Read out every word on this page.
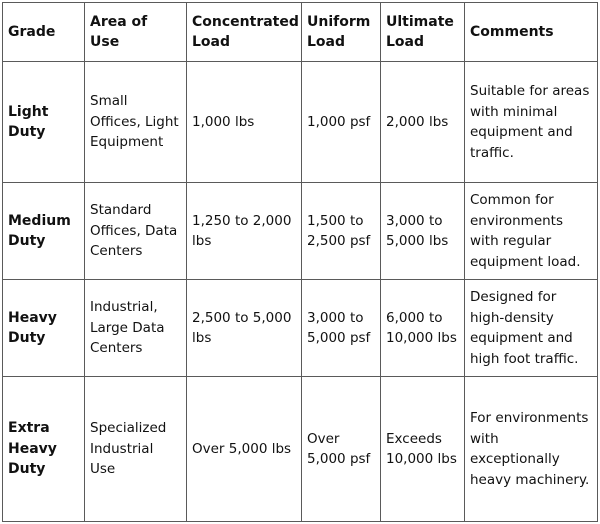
Grade	Area of Use	Concentrated Load	Uniform Load	Ultimate Load	Comments
Light Duty	Small Offices, Light Equipment	1,000 lbs	1,000 psf	2,000 lbs	Suitable for areas with minimal equipment and traffic.
Medium Duty	Standard Offices, Data Centers	1,250 to 2,000 lbs	1,500 to 2,500 psf	3,000 to 5,000 lbs	Common for environments with regular equipment load.
Heavy Duty	Industrial, Large Data Centers	2,500 to 5,000 lbs	3,000 to 5,000 psf	6,000 to 10,000 lbs	Designed for high-density equipment and high foot traffic.
Extra Heavy Duty	Specialized Industrial Use	Over 5,000 lbs	Over 5,000 psf	Exceeds 10,000 lbs	For environments with exceptionally heavy machinery.
